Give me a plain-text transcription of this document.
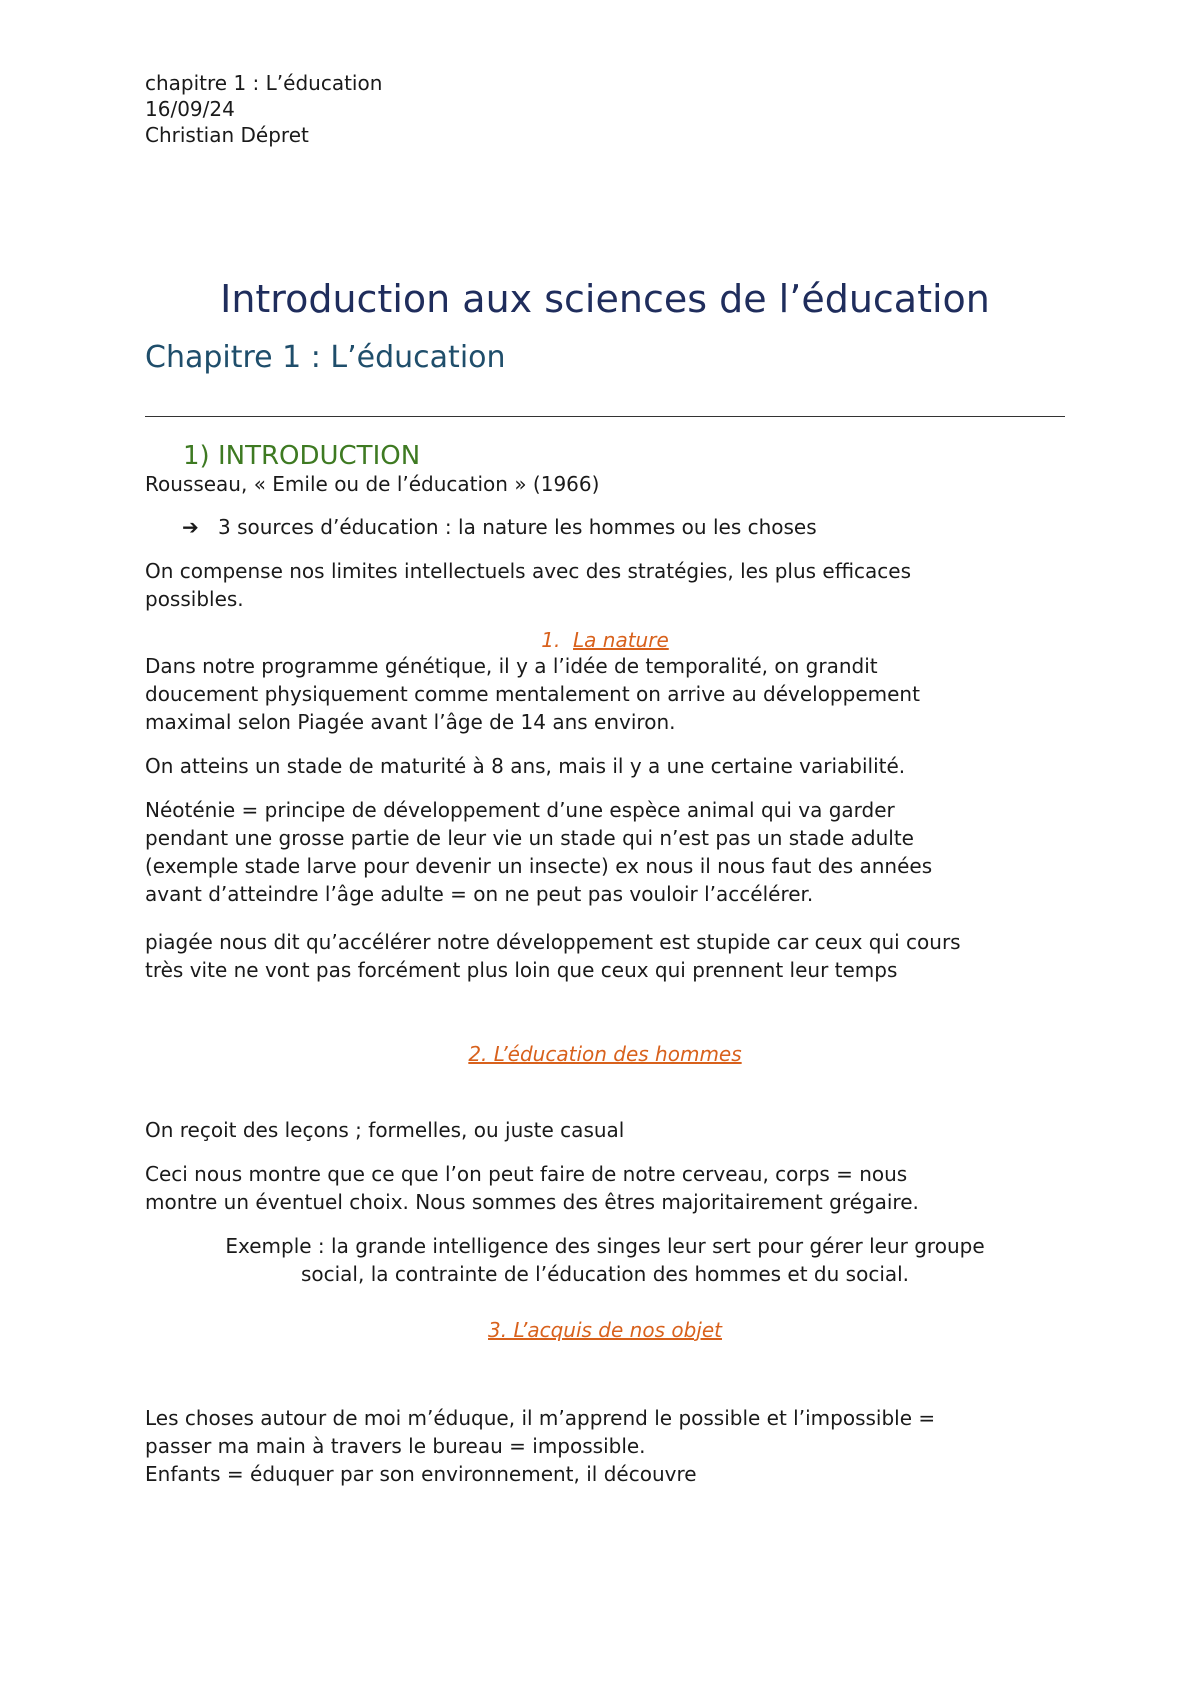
chapitre 1 : L’éducation
16/09/24
Christian Dépret
Introduction aux sciences de l’éducation
Chapitre 1 : L’éducation
1) INTRODUCTION
Rousseau, « Emile ou de l’éducation » (1966)
➔ 3 sources d’éducation : la nature les hommes ou les choses
On compense nos limites intellectuels avec des stratégies, les plus efficaces
possibles.
1. La nature
Dans notre programme génétique, il y a l’idée de temporalité, on grandit
doucement physiquement comme mentalement on arrive au développement
maximal selon Piagée avant l’âge de 14 ans environ.
On atteins un stade de maturité à 8 ans, mais il y a une certaine variabilité.
Néoténie = principe de développement d’une espèce animal qui va garder
pendant une grosse partie de leur vie un stade qui n’est pas un stade adulte
(exemple stade larve pour devenir un insecte) ex nous il nous faut des années
avant d’atteindre l’âge adulte = on ne peut pas vouloir l’accélérer.
piagée nous dit qu’accélérer notre développement est stupide car ceux qui cours
très vite ne vont pas forcément plus loin que ceux qui prennent leur temps
2. L’éducation des hommes
On reçoit des leçons ; formelles, ou juste casual
Ceci nous montre que ce que l’on peut faire de notre cerveau, corps = nous
montre un éventuel choix. Nous sommes des êtres majoritairement grégaire.
Exemple : la grande intelligence des singes leur sert pour gérer leur groupe
social, la contrainte de l’éducation des hommes et du social.
3. L’acquis de nos objet
Les choses autour de moi m’éduque, il m’apprend le possible et l’impossible =
passer ma main à travers le bureau = impossible.
Enfants = éduquer par son environnement, il découvre
